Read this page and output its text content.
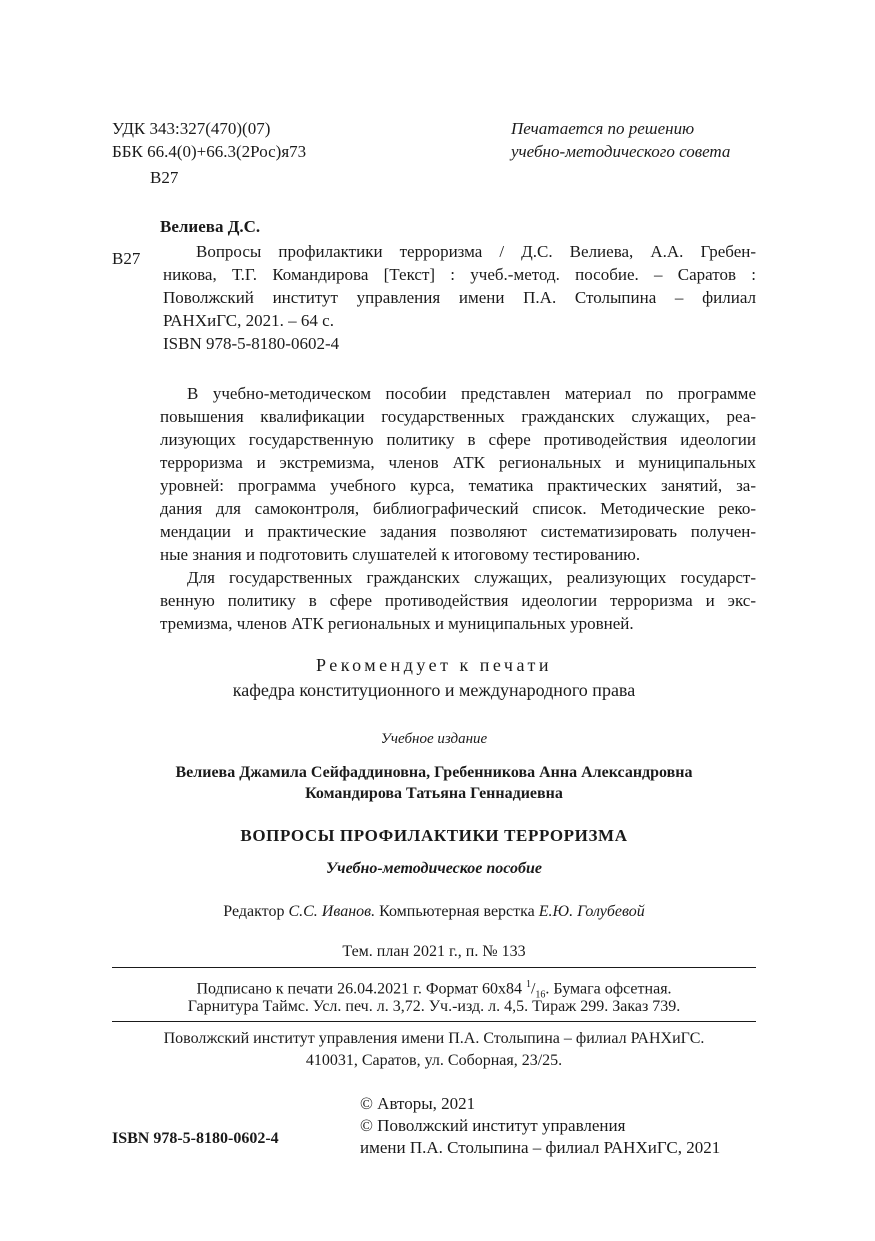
УДК 343:327(470)(07)

ББК 66.4(0)+66.3(2Рос)я73

В27

Печатается по решению

учебно-методического совета

Велиева Д.С.

В27	Вопросы профилактики терроризма / Д.С. Велиева, А.А. Гребен-
никова, Т.Г. Командирова [Текст] : учеб.-метод. пособие. – Саратов :
Поволжский институт управления имени П.А. Столыпина – филиал
РАНХиГС, 2021. – 64 с.
ISBN 978-5-8180-0602-4
В учебно-методическом пособии представлен материал по программе
повышения квалификации государственных гражданских служащих, реа-
лизующих государственную политику в сфере противодействия идеологии
терроризма и экстремизма, членов АТК региональных и муниципальных
уровней: программа учебного курса, тематика практических занятий, за-
дания для самоконтроля, библиографический список. Методические реко-
мендации и практические задания позволяют систематизировать получен-
ные знания и подготовить слушателей к итоговому тестированию.
Для государственных гражданских служащих, реализующих государст-
венную политику в сфере противодействия идеологии терроризма и экс-
тремизма, членов АТК региональных и муниципальных уровней.

Рекомендует к печати

кафедра конституционного и международного права

Учебное издание

Велиева Джамила Сейфаддиновна, Гребенникова Анна Александровна

Командирова Татьяна Геннадиевна

ВОПРОСЫ ПРОФИЛАКТИКИ ТЕРРОРИЗМА

Учебно-методическое пособие

Редактор С.С. Иванов. Компьютерная верстка Е.Ю. Голубевой

Тем. план 2021 г., п. № 133

Подписано к печати 26.04.2021 г. Формат 60х84 $^1/_{16}$. Бумага офсетная.

Гарнитура Таймс. Усл. печ. л. 3,72. Уч.-изд. л. 4,5. Тираж 299. Заказ 739.

Поволжский институт управления имени П.А. Столыпина – филиал РАНХиГС.

410031, Саратов, ул. Соборная, 23/25.

© Авторы, 2021

© Поволжский институт управления

имени П.А. Столыпина – филиал РАНХиГС, 2021

ISBN 978-5-8180-0602-4
